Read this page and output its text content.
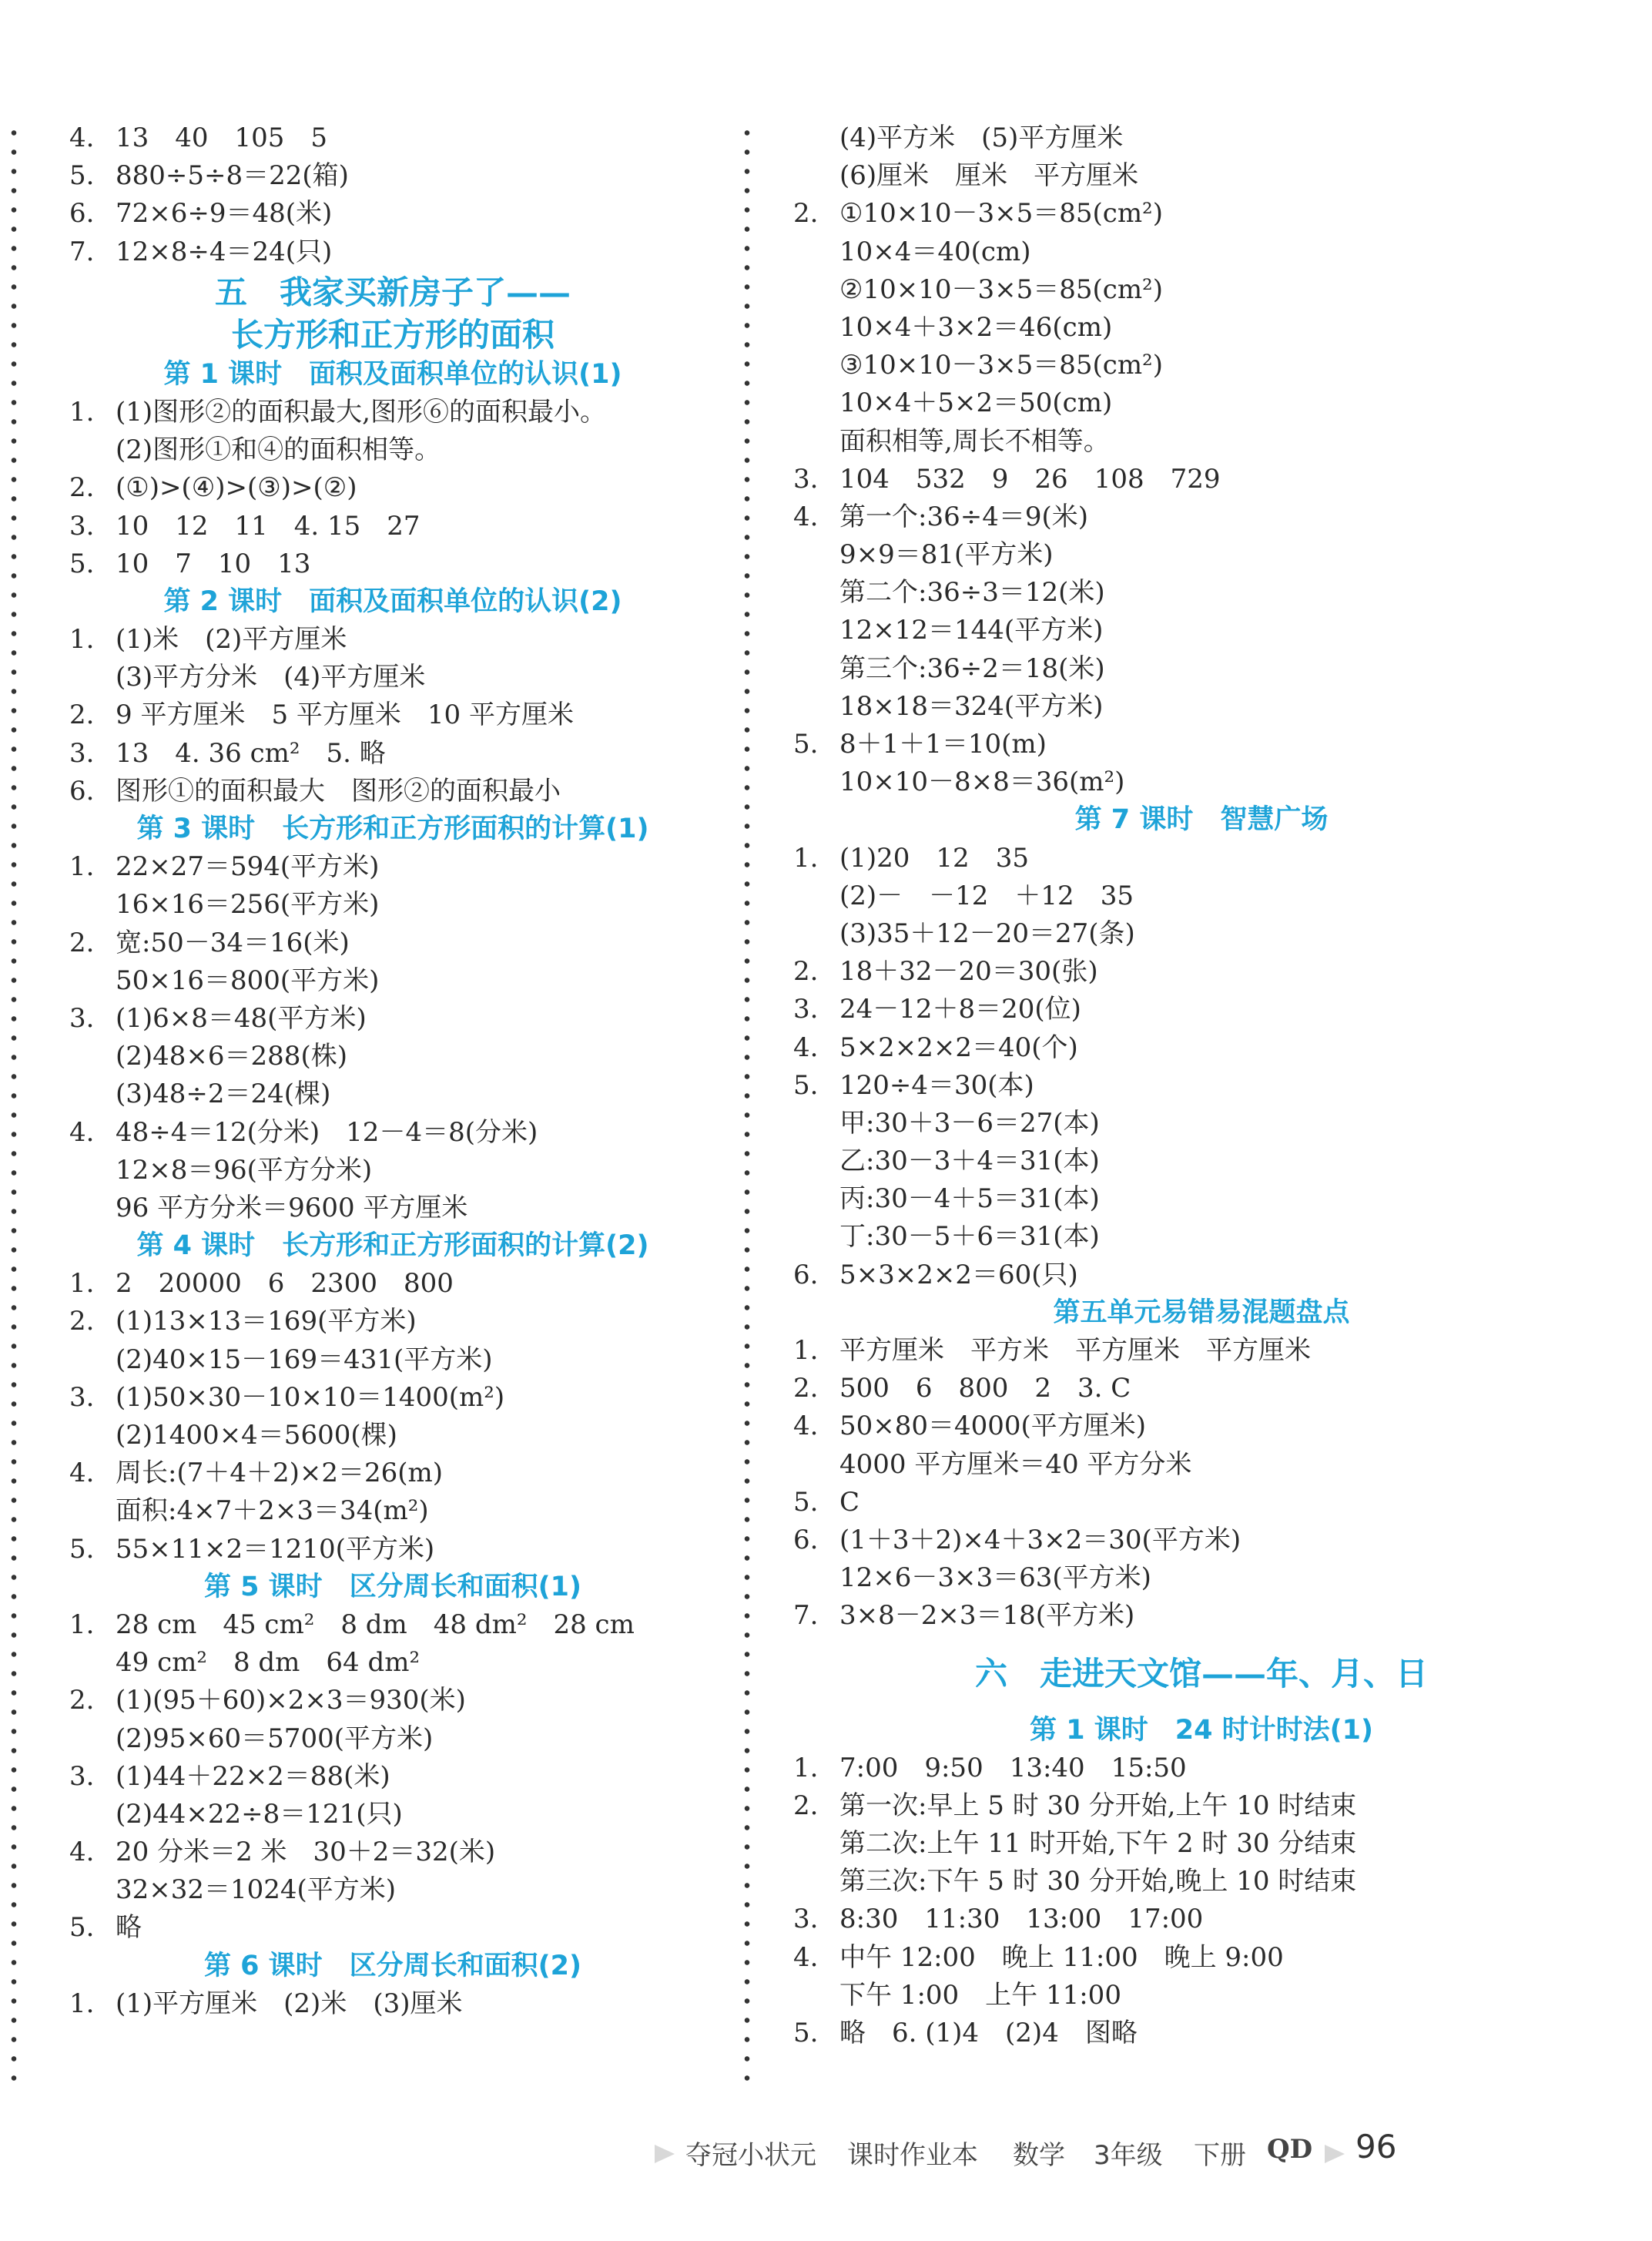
4. 13　40　105　5
5. 880÷5÷8＝22(箱)
6. 72×6÷9＝48(米)
7. 12×8÷4＝24(只)
五　我家买新房子了——
长方形和正方形的面积
第 1 课时　面积及面积单位的认识(1)
1. (1)图形②的面积最大,图形⑥的面积最小。
(2)图形①和④的面积相等。
2. (①)>(④)>(③)>(②)
3. 10　12　11　4. 15　27
5. 10　7　10　13
第 2 课时　面积及面积单位的认识(2)
1. (1)米　(2)平方厘米
(3)平方分米　(4)平方厘米
2. 9 平方厘米　5 平方厘米　10 平方厘米
3. 13　4. 36 cm²　5. 略
6. 图形①的面积最大　图形②的面积最小
第 3 课时　长方形和正方形面积的计算(1)
1. 22×27＝594(平方米)
16×16＝256(平方米)
2. 宽:50－34＝16(米)
50×16＝800(平方米)
3. (1)6×8＝48(平方米)
(2)48×6＝288(株)
(3)48÷2＝24(棵)
4. 48÷4＝12(分米)　12－4＝8(分米)
12×8＝96(平方分米)
96 平方分米＝9600 平方厘米
第 4 课时　长方形和正方形面积的计算(2)
1. 2　20000　6　2300　800
2. (1)13×13＝169(平方米)
(2)40×15－169＝431(平方米)
3. (1)50×30－10×10＝1400(m²)
(2)1400×4＝5600(棵)
4. 周长:(7＋4＋2)×2＝26(m)
面积:4×7＋2×3＝34(m²)
5. 55×11×2＝1210(平方米)
第 5 课时　区分周长和面积(1)
1. 28 cm　45 cm²　8 dm　48 dm²　28 cm
49 cm²　8 dm　64 dm²
2. (1)(95＋60)×2×3＝930(米)
(2)95×60＝5700(平方米)
3. (1)44＋22×2＝88(米)
(2)44×22÷8＝121(只)
4. 20 分米＝2 米　30＋2＝32(米)
32×32＝1024(平方米)
5. 略
第 6 课时　区分周长和面积(2)
1. (1)平方厘米　(2)米　(3)厘米
(4)平方米　(5)平方厘米
(6)厘米　厘米　平方厘米
2. ①10×10－3×5＝85(cm²)
10×4＝40(cm)
②10×10－3×5＝85(cm²)
10×4＋3×2＝46(cm)
③10×10－3×5＝85(cm²)
10×4＋5×2＝50(cm)
面积相等,周长不相等。
3. 104　532　9　26　108　729
4. 第一个:36÷4＝9(米)
9×9＝81(平方米)
第二个:36÷3＝12(米)
12×12＝144(平方米)
第三个:36÷2＝18(米)
18×18＝324(平方米)
5. 8＋1＋1＝10(m)
10×10－8×8＝36(m²)
第 7 课时　智慧广场
1. (1)20　12　35
(2)－　－12　＋12　35
(3)35＋12－20＝27(条)
2. 18＋32－20＝30(张)
3. 24－12＋8＝20(位)
4. 5×2×2×2＝40(个)
5. 120÷4＝30(本)
甲:30＋3－6＝27(本)
乙:30－3＋4＝31(本)
丙:30－4＋5＝31(本)
丁:30－5＋6＝31(本)
6. 5×3×2×2＝60(只)
第五单元易错易混题盘点
1. 平方厘米　平方米　平方厘米　平方厘米
2. 500　6　800　2　3. C
4. 50×80＝4000(平方厘米)
4000 平方厘米＝40 平方分米
5. C
6. (1＋3＋2)×4＋3×2＝30(平方米)
12×6－3×3＝63(平方米)
7. 3×8－2×3＝18(平方米)
六　走进天文馆——年、月、日
第 1 课时　24 时计时法(1)
1. 7:00　9:50　13:40　15:50
2. 第一次:早上 5 时 30 分开始,上午 10 时结束
第二次:上午 11 时开始,下午 2 时 30 分结束
第三次:下午 5 时 30 分开始,晚上 10 时结束
3. 8:30　11:30　13:00　17:00
4. 中午 12:00　晚上 11:00　晚上 9:00
下午 1:00　上午 11:00
5. 略　6. (1)4　(2)4　图略
夺冠小状元 课时作业本 数学 3年级 下册 QD 96
